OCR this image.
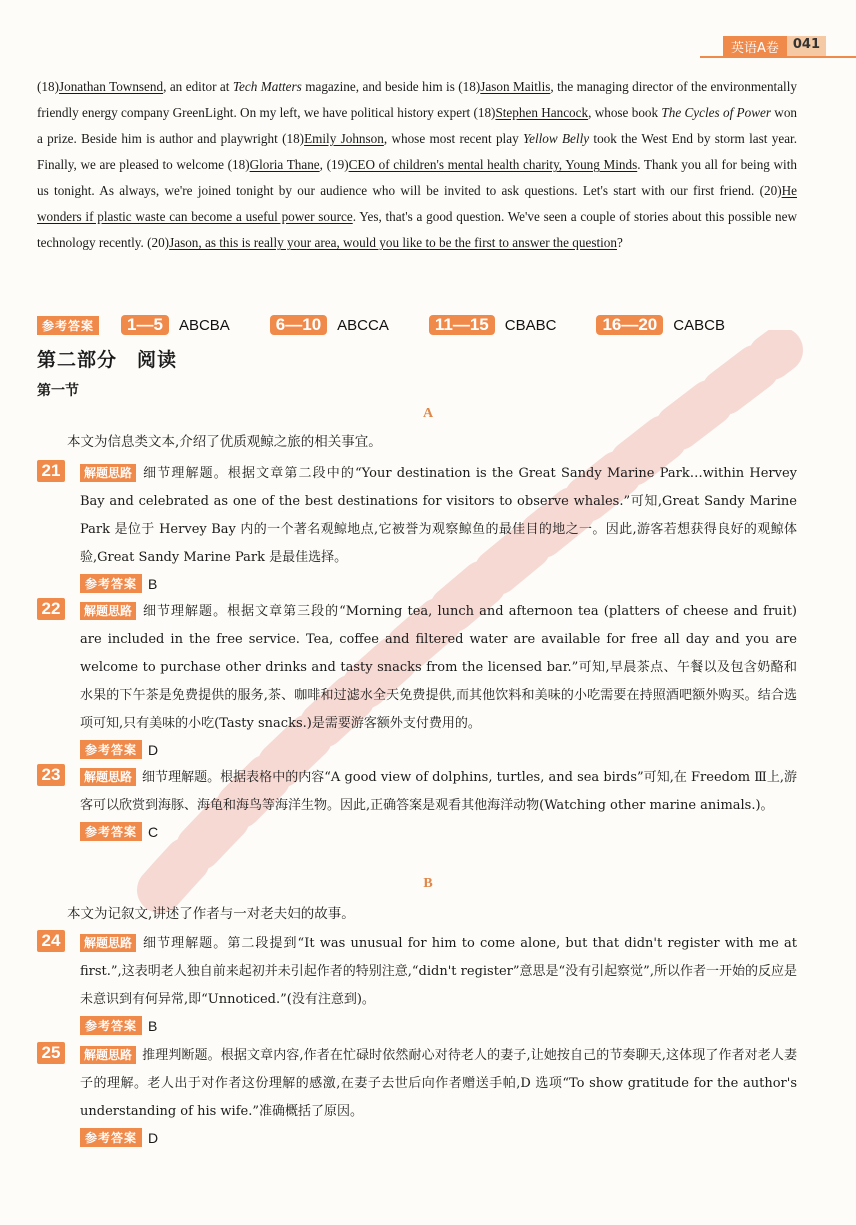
英语A卷	041
(18)Jonathan Townsend, an editor at Tech Matters magazine, and beside him is (18)Jason Maitlis, the managing director of the environmentally friendly energy company GreenLight. On my left, we have political history expert (18)Stephen Hancock, whose book The Cycles of Power won a prize. Beside him is author and playwright (18)Emily Johnson, whose most recent play Yellow Belly took the West End by storm last year. Finally, we are pleased to welcome (18)Gloria Thane, (19)CEO of children's mental health charity, Young Minds. Thank you all for being with us tonight. As always, we're joined tonight by our audience who will be invited to ask questions. Let's start with our first friend. (20)He wonders if plastic waste can become a useful power source. Yes, that's a good question. We've seen a couple of stories about this possible new technology recently. (20)Jason, as this is really your area, would you like to be the first to answer the question?
参考答案	1—5	ABCBA	6—10	ABCCA	11—15	CBABC	16—20	CABCB
第二部分　阅读
第一节
A
本文为信息类文本,介绍了优质观鲸之旅的相关事宜。
21	解题思路 细节理解题。根据文章第二段中的“Your destination is the Great Sandy Marine Park…within Hervey Bay and celebrated as one of the best destinations for visitors to observe whales.”可知,Great Sandy Marine Park 是位于 Hervey Bay 内的一个著名观鲸地点,它被誉为观察鲸鱼的最佳目的地之一。因此,游客若想获得良好的观鲸体验,Great Sandy Marine Park 是最佳选择。
参考答案 B
22	解题思路 细节理解题。根据文章第三段的“Morning tea, lunch and afternoon tea (platters of cheese and fruit) are included in the free service. Tea, coffee and filtered water are available for free all day and you are welcome to purchase other drinks and tasty snacks from the licensed bar.”可知,早晨茶点、午餐以及包含奶酪和水果的下午茶是免费提供的服务,茶、咖啡和过滤水全天免费提供,而其他饮料和美味的小吃需要在持照酒吧额外购买。结合选项可知,只有美味的小吃(Tasty snacks.)是需要游客额外支付费用的。
参考答案 D
23	解题思路 细节理解题。根据表格中的内容“A good view of dolphins, turtles, and sea birds”可知,在 Freedom Ⅲ上,游客可以欣赏到海豚、海龟和海鸟等海洋生物。因此,正确答案是观看其他海洋动物(Watching other marine animals.)。
参考答案 C
B
本文为记叙文,讲述了作者与一对老夫妇的故事。
24	解题思路 细节理解题。第二段提到“It was unusual for him to come alone, but that didn't register with me at first.”,这表明老人独自前来起初并未引起作者的特别注意,“didn't register”意思是“没有引起察觉”,所以作者一开始的反应是未意识到有何异常,即“Unnoticed.”(没有注意到)。
参考答案 B
25	解题思路 推理判断题。根据文章内容,作者在忙碌时依然耐心对待老人的妻子,让她按自己的节奏聊天,这体现了作者对老人妻子的理解。老人出于对作者这份理解的感激,在妻子去世后向作者赠送手帕,D 选项“To show gratitude for the author's understanding of his wife.”准确概括了原因。
参考答案 D
